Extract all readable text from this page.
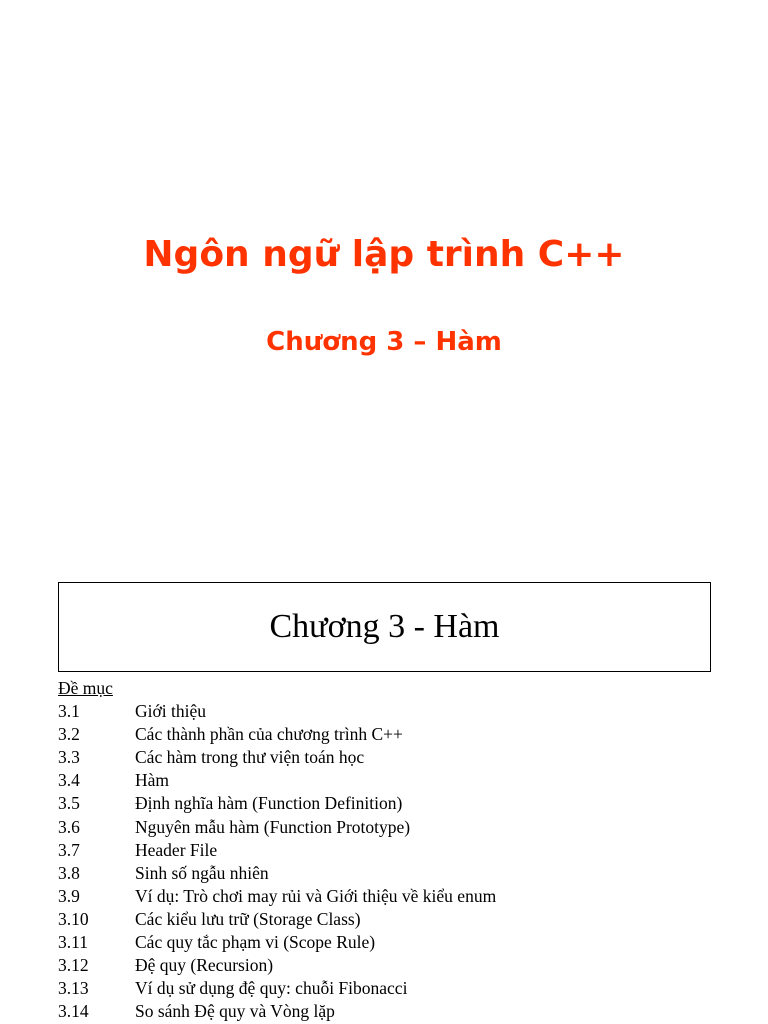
Ngôn ngữ lập trình C++
Chương 3 – Hàm

Chương 3 - Hàm

Đề mục
3.1	Giới thiệu
3.2	Các thành phần của chương trình C++
3.3	Các hàm trong thư viện toán học
3.4	Hàm
3.5	Định nghĩa hàm (Function Definition)
3.6	Nguyên mẫu hàm (Function Prototype)
3.7	Header File
3.8	Sinh số ngẫu nhiên
3.9	Ví dụ: Trò chơi may rủi và Giới thiệu về kiểu enum
3.10	Các kiểu lưu trữ (Storage Class)
3.11	Các quy tắc phạm vi (Scope Rule)
3.12	Đệ quy (Recursion)
3.13	Ví dụ sử dụng đệ quy: chuỗi Fibonacci
3.14	So sánh Đệ quy và Vòng lặp
